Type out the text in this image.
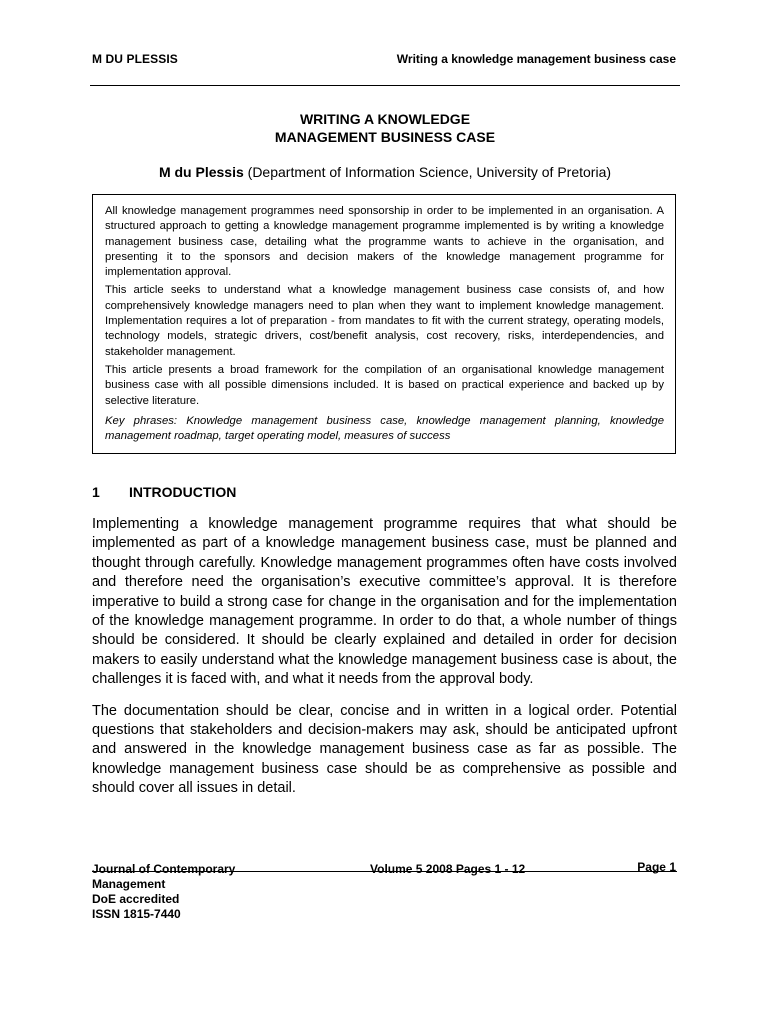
M DU PLESSIS	Writing a knowledge management business case
WRITING A KNOWLEDGE
MANAGEMENT BUSINESS CASE
M du Plessis (Department of Information Science, University of Pretoria)

All knowledge management programmes need sponsorship in order to be implemented in an organisation. A structured approach to getting a knowledge management programme implemented is by writing a knowledge management business case, detailing what the programme wants to achieve in the organisation, and presenting it to the sponsors and decision makers of the knowledge management programme for implementation approval.

This article seeks to understand what a knowledge management business case consists of, and how comprehensively knowledge managers need to plan when they want to implement knowledge management. Implementation requires a lot of preparation - from mandates to fit with the current strategy, operating models, technology models, strategic drivers, cost/benefit analysis, cost recovery, risks, interdependencies, and stakeholder management.

This article presents a broad framework for the compilation of an organisational knowledge management business case with all possible dimensions included. It is based on practical experience and backed up by selective literature.

Key phrases: Knowledge management business case, knowledge management planning, knowledge management roadmap, target operating model, measures of success

1 INTRODUCTION

Implementing a knowledge management programme requires that what should be implemented as part of a knowledge management business case, must be planned and thought through carefully. Knowledge management programmes often have costs involved and therefore need the organisation’s executive committee’s approval. It is therefore imperative to build a strong case for change in the organisation and for the implementation of the knowledge management programme. In order to do that, a whole number of things should be considered. It should be clearly explained and detailed in order for decision makers to easily understand what the knowledge management business case is about, the challenges it is faced with, and what it needs from the approval body.

The documentation should be clear, concise and in written in a logical order. Potential questions that stakeholders and decision-makers may ask, should be anticipated upfront and answered in the knowledge management business case as far as possible. The knowledge management business case should be as comprehensive as possible and should cover all issues in detail.

Journal of Contemporary
Management
DoE accredited
ISSN 1815-7440
Volume 5 2008 Pages 1 - 12	Page 1
